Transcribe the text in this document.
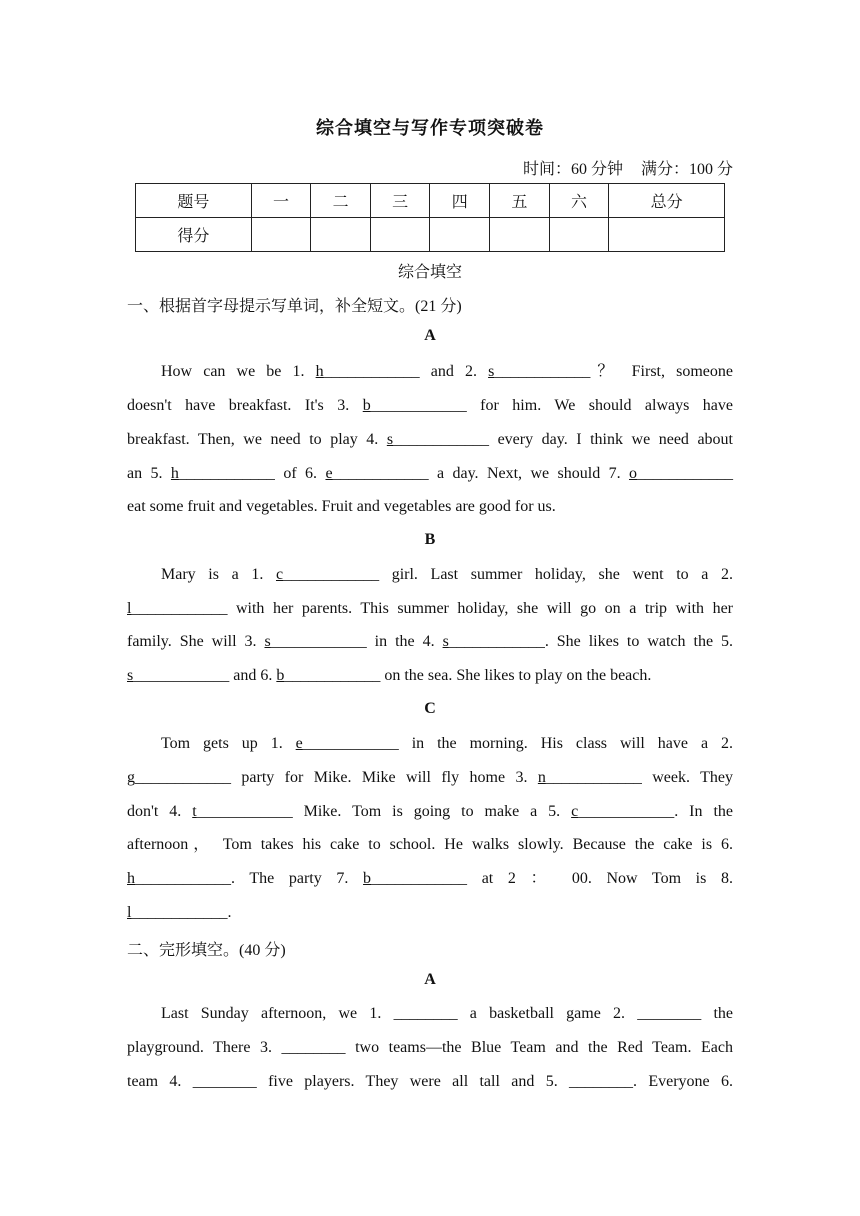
综合填空与写作专项突破卷
时间：60 分钟 满分：100 分
题号	一	二	三	四	五	六	总分
得分							
综合填空
一、根据首字母提示写单词，补全短文。(21 分)
A
How can we be 1. h____________ and 2. s____________？ First, someone
doesn't have breakfast. It's 3. b____________ for him. We should always have
breakfast. Then, we need to play 4. s____________ every day. I think we need about
an 5. h____________ of 6. e____________ a day. Next, we should 7. o____________
eat some fruit and vegetables. Fruit and vegetables are good for us.
B
Mary is a 1. c____________ girl. Last summer holiday, she went to a 2.
l____________ with her parents. This summer holiday, she will go on a trip with her
family. She will 3. s____________ in the 4. s____________. She likes to watch the 5.
s____________ and 6. b____________ on the sea. She likes to play on the beach.
C
Tom gets up 1. e____________ in the morning. His class will have a 2.
g____________ party for Mike. Mike will fly home 3. n____________ week. They
don't 4. t____________ Mike. Tom is going to make a 5. c____________. In the
afternoon， Tom takes his cake to school. He walks slowly. Because the cake is 6.
h____________. The party 7. b____________ at 2 ： 00. Now Tom is 8.
l____________.
二、完形填空。(40 分)
A
Last Sunday afternoon, we 1. ________ a basketball game 2. ________ the
playground. There 3. ________ two teams—the Blue Team and the Red Team. Each
team 4. ________ five players. They were all tall and 5. ________. Everyone 6.
